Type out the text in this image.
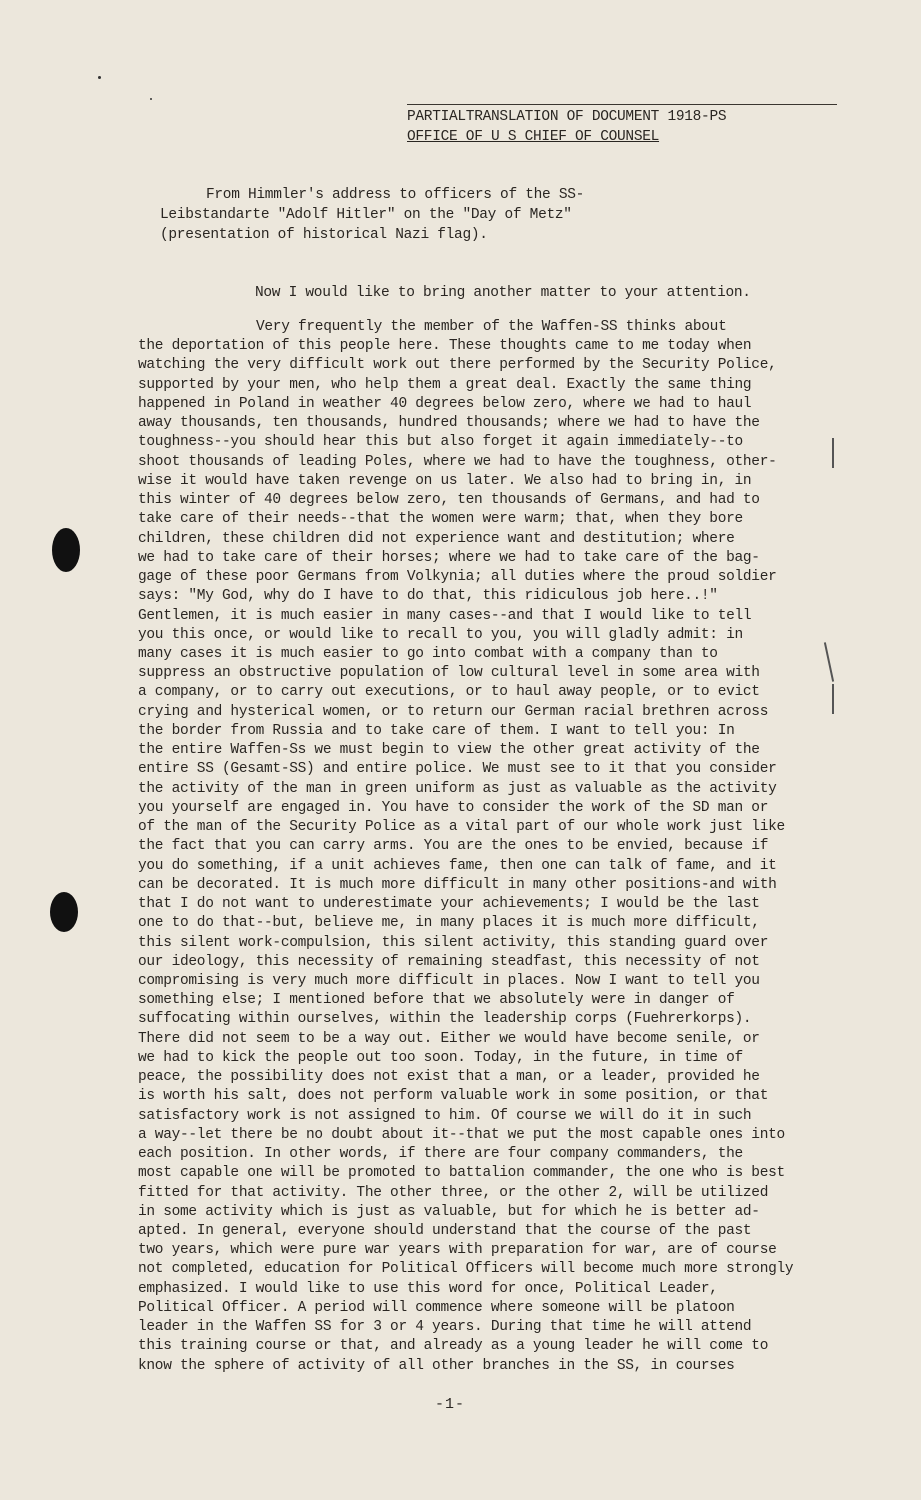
PARTIALTRANSLATION OF DOCUMENT 1918-PS
OFFICE OF U S CHIEF OF COUNSEL
From Himmler's address to officers of the SS-
Leibstandarte "Adolf Hitler" on the "Day of Metz"
(presentation of historical Nazi flag).
Now I would like to bring another matter to your attention.
Very frequently the member of the Waffen-SS thinks about
the deportation of this people here. These thoughts came to me today when
watching the very difficult work out there performed by the Security Police,
supported by your men, who help them a great deal. Exactly the same thing
happened in Poland in weather 40 degrees below zero, where we had to haul
away thousands, ten thousands, hundred thousands; where we had to have the
toughness--you should hear this but also forget it again immediately--to
shoot thousands of leading Poles, where we had to have the toughness, other-
wise it would have taken revenge on us later. We also had to bring in, in
this winter of 40 degrees below zero, ten thousands of Germans, and had to
take care of their needs--that the women were warm; that, when they bore
children, these children did not experience want and destitution; where
we had to take care of their horses; where we had to take care of the bag-
gage of these poor Germans from Volkynia; all duties where the proud soldier
says: "My God, why do I have to do that, this ridiculous job here..!"
Gentlemen, it is much easier in many cases--and that I would like to tell
you this once, or would like to recall to you, you will gladly admit: in
many cases it is much easier to go into combat with a company than to
suppress an obstructive population of low cultural level in some area with
a company, or to carry out executions, or to haul away people, or to evict
crying and hysterical women, or to return our German racial brethren across
the border from Russia and to take care of them. I want to tell you: In
the entire Waffen-Ss we must begin to view the other great activity of the
entire SS (Gesamt-SS) and entire police. We must see to it that you consider
the activity of the man in green uniform as just as valuable as the activity
you yourself are engaged in. You have to consider the work of the SD man or
of the man of the Security Police as a vital part of our whole work just like
the fact that you can carry arms. You are the ones to be envied, because if
you do something, if a unit achieves fame, then one can talk of fame, and it
can be decorated. It is much more difficult in many other positions-and with
that I do not want to underestimate your achievements; I would be the last
one to do that--but, believe me, in many places it is much more difficult,
this silent work-compulsion, this silent activity, this standing guard over
our ideology, this necessity of remaining steadfast, this necessity of not
compromising is very much more difficult in places. Now I want to tell you
something else; I mentioned before that we absolutely were in danger of
suffocating within ourselves, within the leadership corps (Fuehrerkorps).
There did not seem to be a way out. Either we would have become senile, or
we had to kick the people out too soon. Today, in the future, in time of
peace, the possibility does not exist that a man, or a leader, provided he
is worth his salt, does not perform valuable work in some position, or that
satisfactory work is not assigned to him. Of course we will do it in such
a way--let there be no doubt about it--that we put the most capable ones into
each position. In other words, if there are four company commanders, the
most capable one will be promoted to battalion commander, the one who is best
fitted for that activity. The other three, or the other 2, will be utilized
in some activity which is just as valuable, but for which he is better ad-
apted. In general, everyone should understand that the course of the past
two years, which were pure war years with preparation for war, are of course
not completed, education for Political Officers will become much more strongly
emphasized. I would like to use this word for once, Political Leader,
Political Officer. A period will commence where someone will be platoon
leader in the Waffen SS for 3 or 4 years. During that time he will attend
this training course or that, and already as a young leader he will come to
know the sphere of activity of all other branches in the SS, in courses
-1-
